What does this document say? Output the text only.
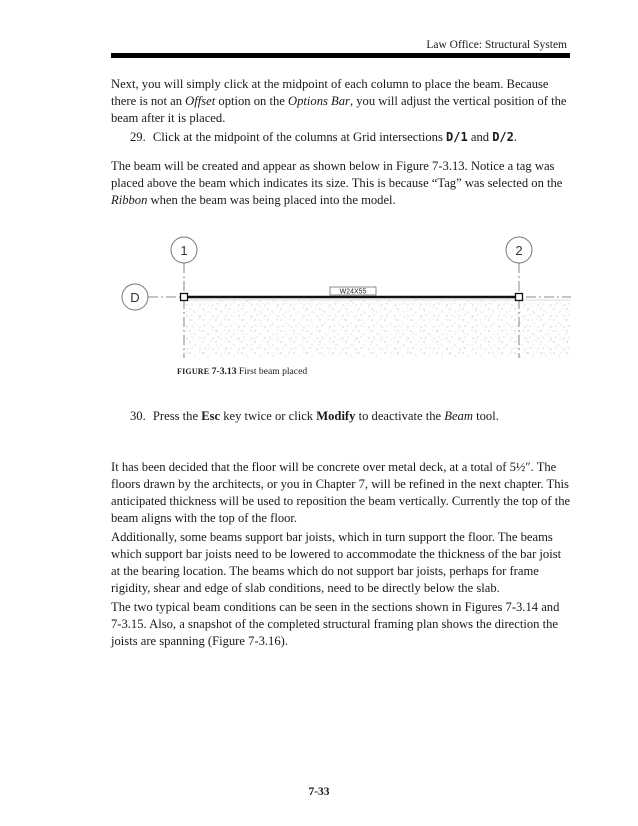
Law Office: Structural System

Next, you will simply click at the midpoint of each column to place the beam. Because there is not an Offset option on the Options Bar, you will adjust the vertical position of the beam after it is placed.

29. Click at the midpoint of the columns at Grid intersections D/1 and D/2.

The beam will be created and appear as shown below in Figure 7-3.13. Notice a tag was placed above the beam which indicates its size. This is because “Tag” was selected on the Ribbon when the beam was being placed into the model.

1	2
D	W24X55
FIGURE 7-3.13 First beam placed

30. Press the Esc key twice or click Modify to deactivate the Beam tool.

It has been decided that the floor will be concrete over metal deck, at a total of 5½″. The floors drawn by the architects, or you in Chapter 7, will be refined in the next chapter. This anticipated thickness will be used to reposition the beam vertically. Currently the top of the beam aligns with the top of the floor.

Additionally, some beams support bar joists, which in turn support the floor. The beams which support bar joists need to be lowered to accommodate the thickness of the bar joist at the bearing location. The beams which do not support bar joists, perhaps for frame rigidity, shear and edge of slab conditions, need to be directly below the slab.

The two typical beam conditions can be seen in the sections shown in Figures 7-3.14 and 7-3.15. Also, a snapshot of the completed structural framing plan shows the direction the joists are spanning (Figure 7-3.16).

7-33
